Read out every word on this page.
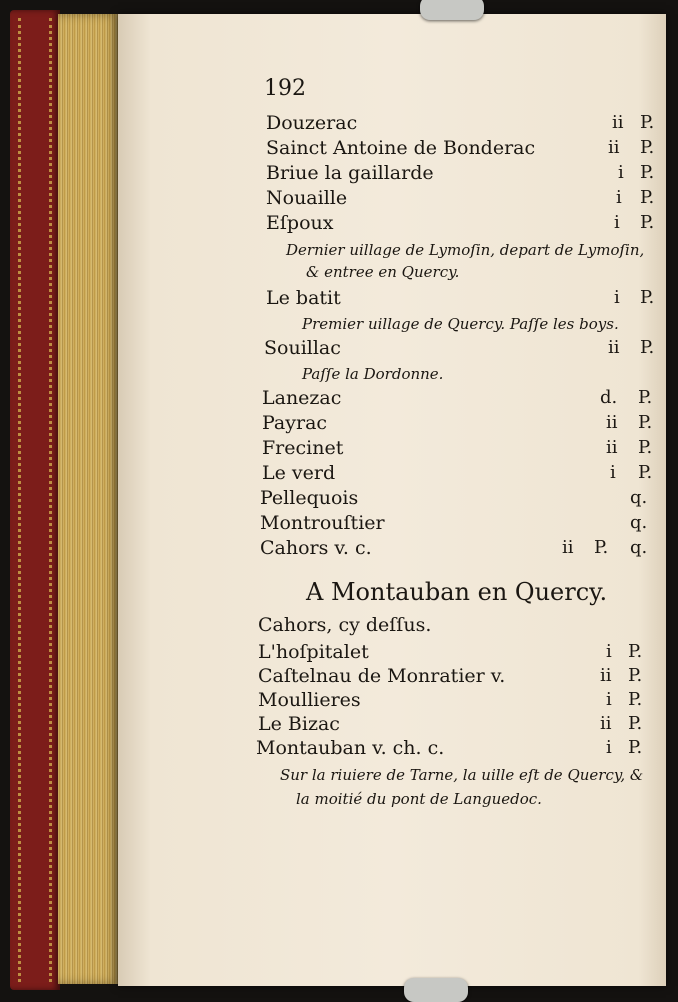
192
Douzerac	ii P.
Sainct Antoine de Bonderac	ii P.
Briue la gaillarde	i P.
Nouaille	i P.
Eſpoux	i P.
Dernier uillage de Lymoſin, depart de Lymoſin,
& entree en Quercy.
Le batit	i P.
Premier uillage de Quercy. Paſſe les boys.
Souillac	ii P.
Paſſe la Dordonne.
Lanezac	d. P.
Payrac	ii P.
Frecinet	ii P.
Le verd	i P.
Pellequois	q.
Montrouſtier	q.
Cahors v. c.	ii P. q.
A Montauban en Quercy.
Cahors, cy deſſus.
L'hoſpitalet	i P.
Caſtelnau de Monratier v.	ii P.
Moullieres	i P.
Le Bizac	ii P.
Montauban v. ch. c.	i P.
Sur la riuiere de Tarne, la uille eſt de Quercy, &
la moitié du pont de Languedoc.
